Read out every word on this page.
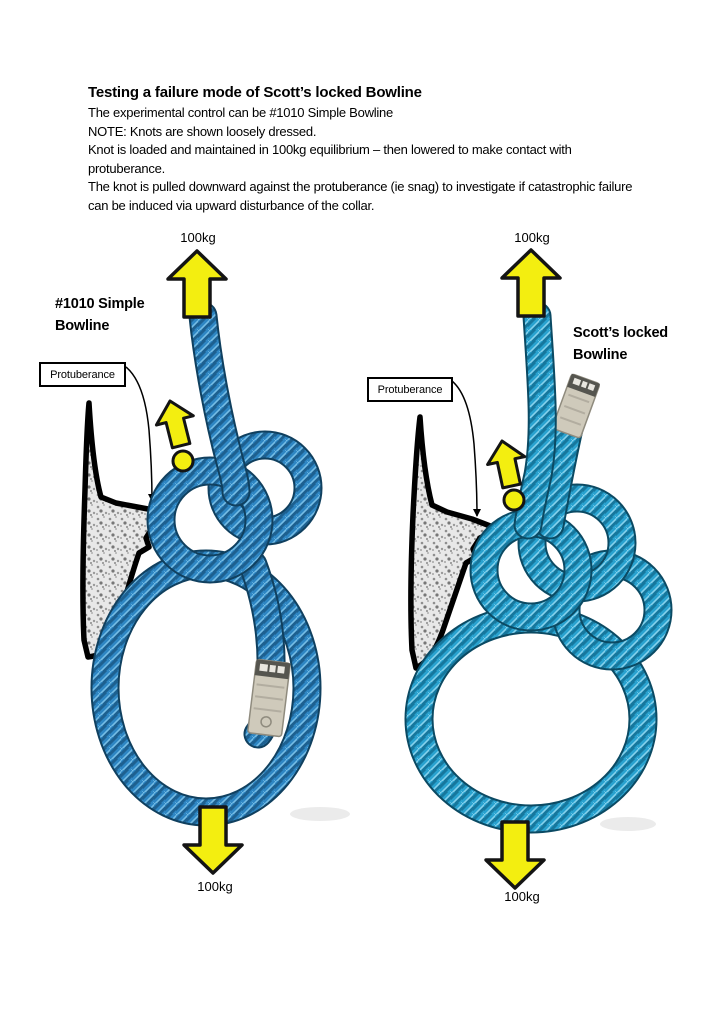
Testing a failure mode of Scott’s locked Bowline
The experimental control can be #1010 Simple Bowline
NOTE: Knots are shown loosely dressed.
Knot is loaded and maintained in 100kg equilibrium – then lowered to make contact with
protuberance.
The knot is pulled downward against the protuberance (ie snag) to investigate if catastrophic failure
can be induced via upward disturbance of the collar.
#1010 Simple
Bowline	Scott’s locked
Bowline
Protuberance
Protuberance
100kg	100kg
100kg
100kg
